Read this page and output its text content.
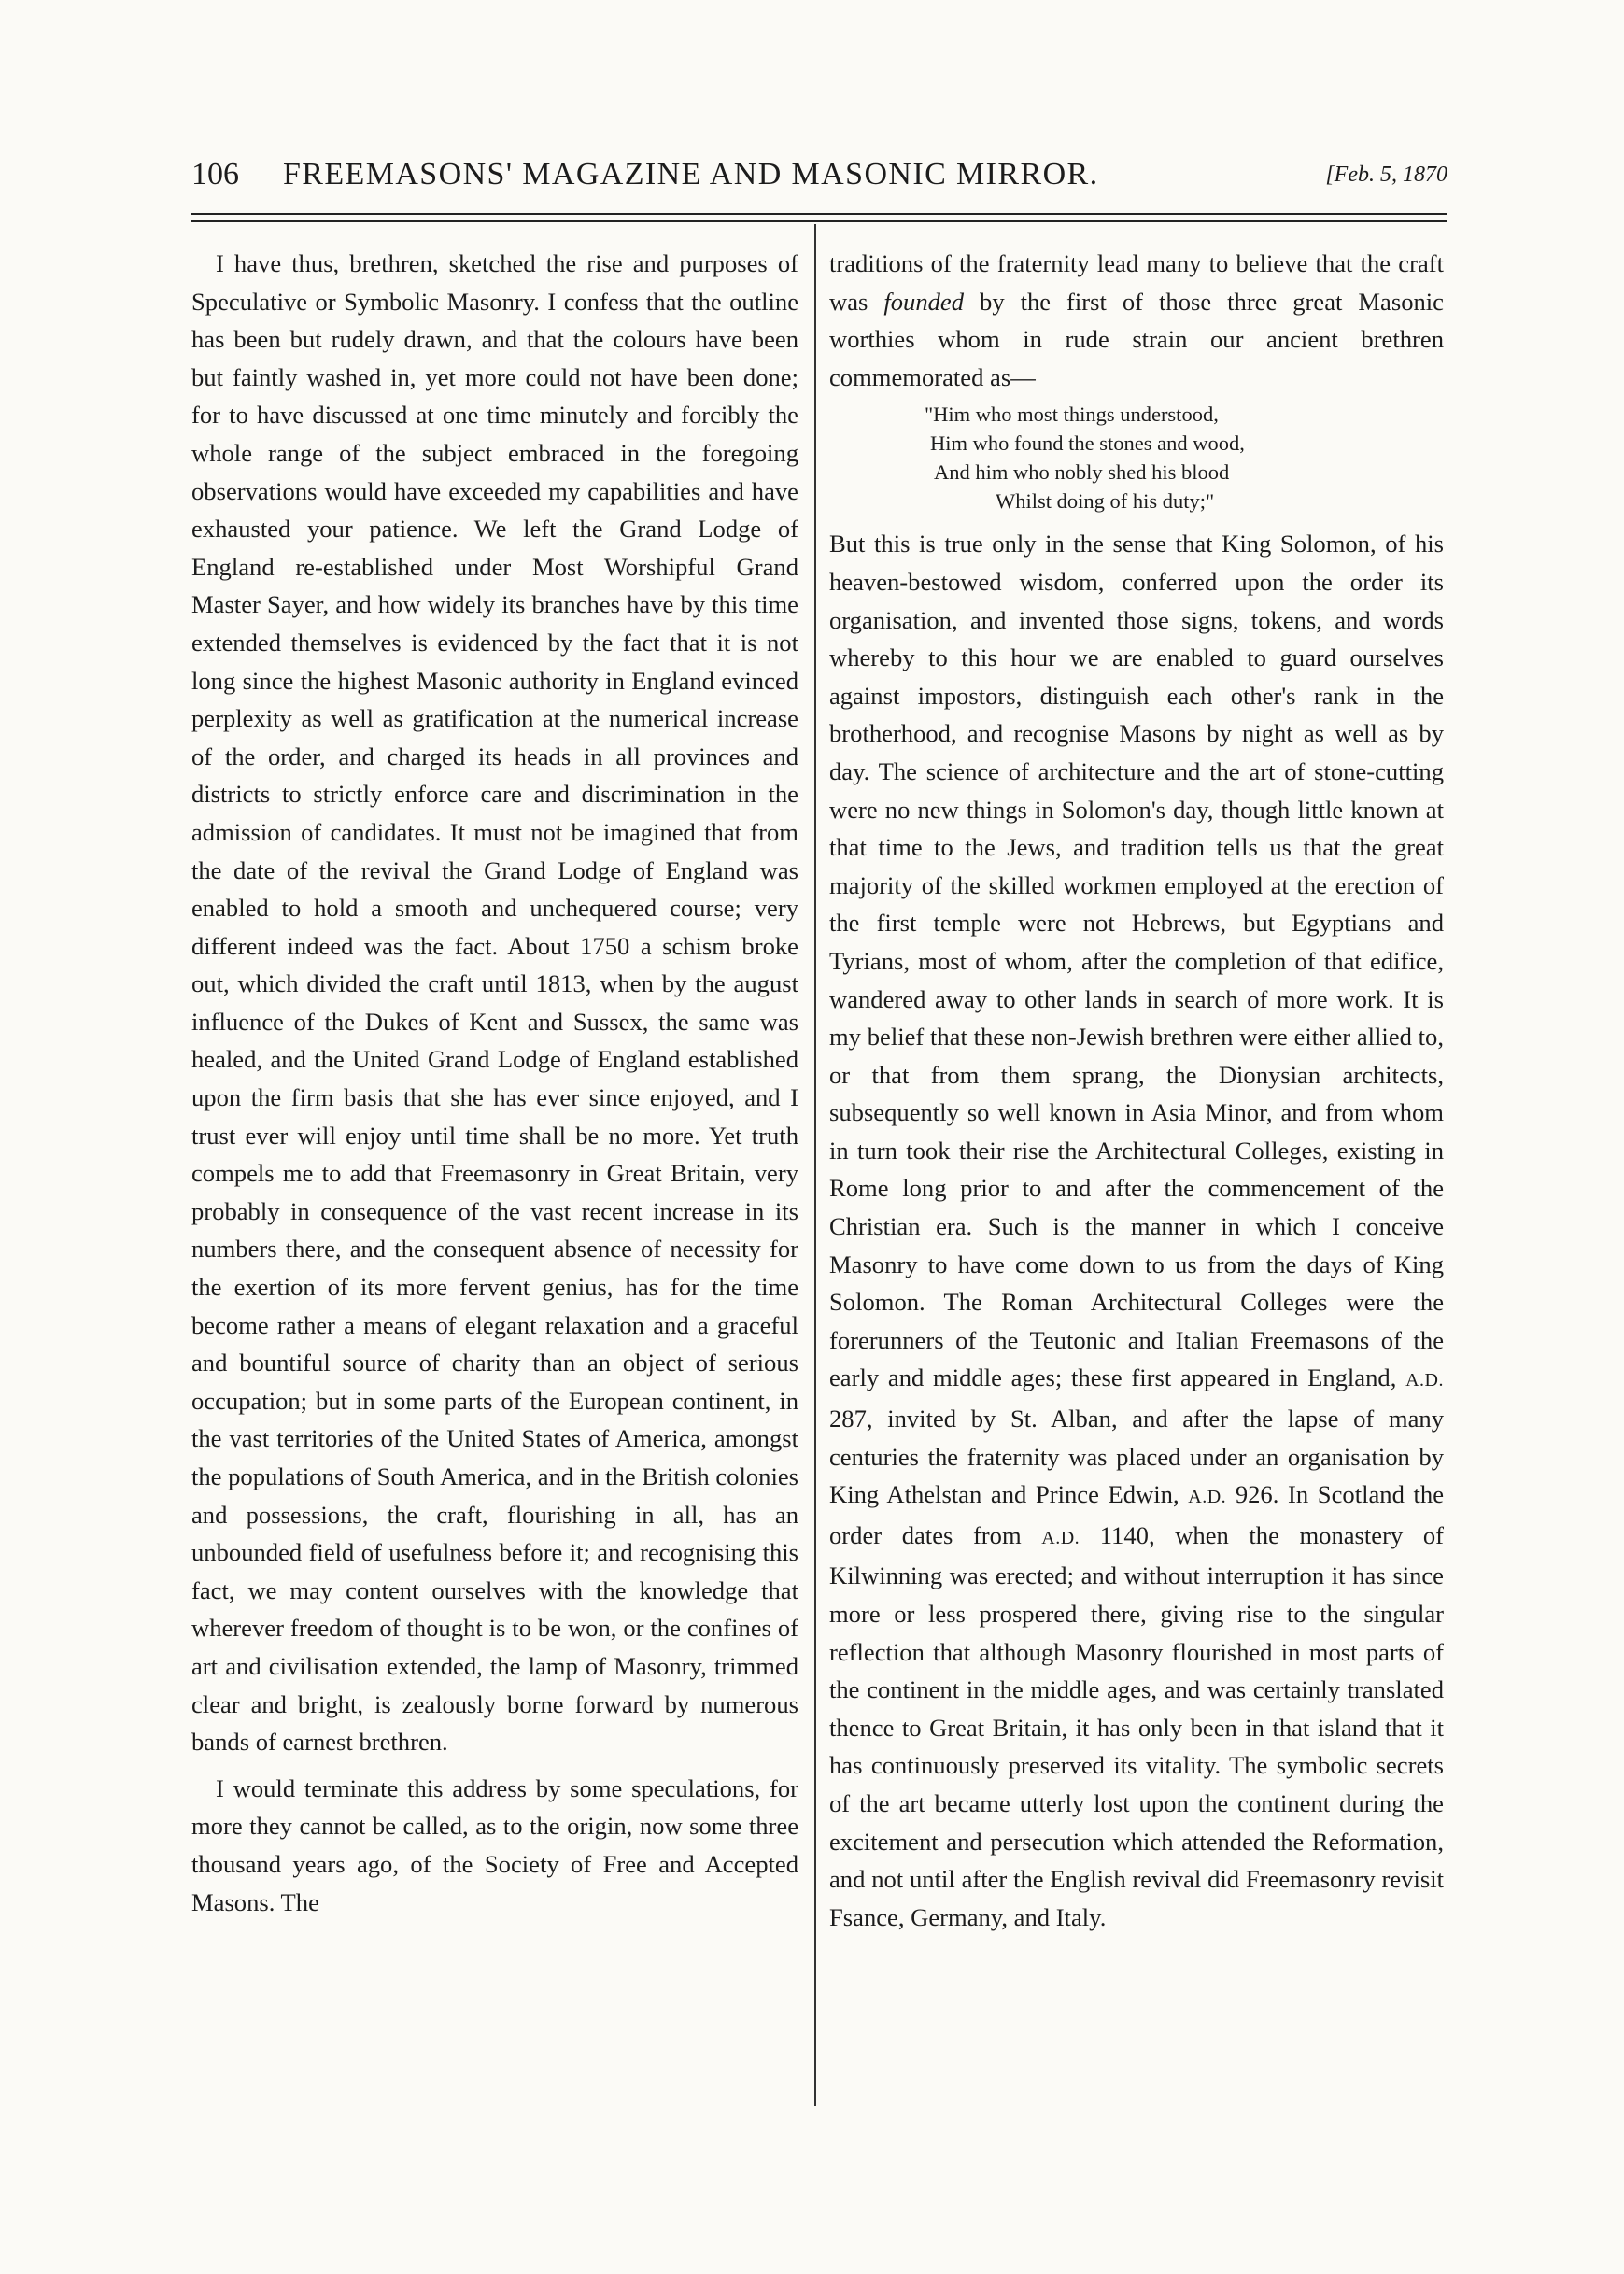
106 FREEMASONS' MAGAZINE AND MASONIC MIRROR.	[Feb. 5, 1870

I have thus, brethren, sketched the rise and purposes of Speculative or Symbolic Masonry. I confess that the outline has been but rudely drawn, and that the colours have been but faintly washed in, yet more could not have been done; for to have discussed at one time minutely and forcibly the whole range of the subject embraced in the foregoing observations would have exceeded my capabilities and have exhausted your patience. We left the Grand Lodge of England re-established under Most Worshipful Grand Master Sayer, and how widely its branches have by this time extended themselves is evidenced by the fact that it is not long since the highest Masonic authority in England evinced perplexity as well as gratification at the numerical increase of the order, and charged its heads in all provinces and districts to strictly enforce care and discrimination in the admission of candidates. It must not be imagined that from the date of the revival the Grand Lodge of England was enabled to hold a smooth and unchequered course; very different indeed was the fact. About 1750 a schism broke out, which divided the craft until 1813, when by the august influence of the Dukes of Kent and Sussex, the same was healed, and the United Grand Lodge of England established upon the firm basis that she has ever since enjoyed, and I trust ever will enjoy until time shall be no more. Yet truth compels me to add that Freemasonry in Great Britain, very probably in consequence of the vast recent increase in its numbers there, and the consequent absence of necessity for the exertion of its more fervent genius, has for the time become rather a means of elegant relaxation and a graceful and bountiful source of charity than an object of serious occupation; but in some parts of the European continent, in the vast territories of the United States of America, amongst the populations of South America, and in the British colonies and possessions, the craft, flourishing in all, has an unbounded field of usefulness before it; and recognising this fact, we may content ourselves with the knowledge that wherever freedom of thought is to be won, or the confines of art and civilisation extended, the lamp of Masonry, trimmed clear and bright, is zealously borne forward by numerous bands of earnest brethren.

I would terminate this address by some speculations, for more they cannot be called, as to the origin, now some three thousand years ago, of the Society of Free and Accepted Masons. The

traditions of the fraternity lead many to believe that the craft was founded by the first of those three great Masonic worthies whom in rude strain our ancient brethren commemorated as—

"Him who most things understood,
Him who found the stones and wood,
And him who nobly shed his blood
Whilst doing of his duty;"

But this is true only in the sense that King Solomon, of his heaven-bestowed wisdom, conferred upon the order its organisation, and invented those signs, tokens, and words whereby to this hour we are enabled to guard ourselves against impostors, distinguish each other's rank in the brotherhood, and recognise Masons by night as well as by day. The science of architecture and the art of stone-cutting were no new things in Solomon's day, though little known at that time to the Jews, and tradition tells us that the great majority of the skilled workmen employed at the erection of the first temple were not Hebrews, but Egyptians and Tyrians, most of whom, after the completion of that edifice, wandered away to other lands in search of more work. It is my belief that these non-Jewish brethren were either allied to, or that from them sprang, the Dionysian architects, subsequently so well known in Asia Minor, and from whom in turn took their rise the Architectural Colleges, existing in Rome long prior to and after the commencement of the Christian era. Such is the manner in which I conceive Masonry to have come down to us from the days of King Solomon. The Roman Architectural Colleges were the forerunners of the Teutonic and Italian Freemasons of the early and middle ages; these first appeared in England, A.D. 287, invited by St. Alban, and after the lapse of many centuries the fraternity was placed under an organisation by King Athelstan and Prince Edwin, A.D. 926. In Scotland the order dates from A.D. 1140, when the monastery of Kilwinning was erected; and without interruption it has since more or less prospered there, giving rise to the singular reflection that although Masonry flourished in most parts of the continent in the middle ages, and was certainly translated thence to Great Britain, it has only been in that island that it has continuously preserved its vitality. The symbolic secrets of the art became utterly lost upon the continent during the excitement and persecution which attended the Reformation, and not until after the English revival did Freemasonry revisit Fsance, Germany, and Italy.
